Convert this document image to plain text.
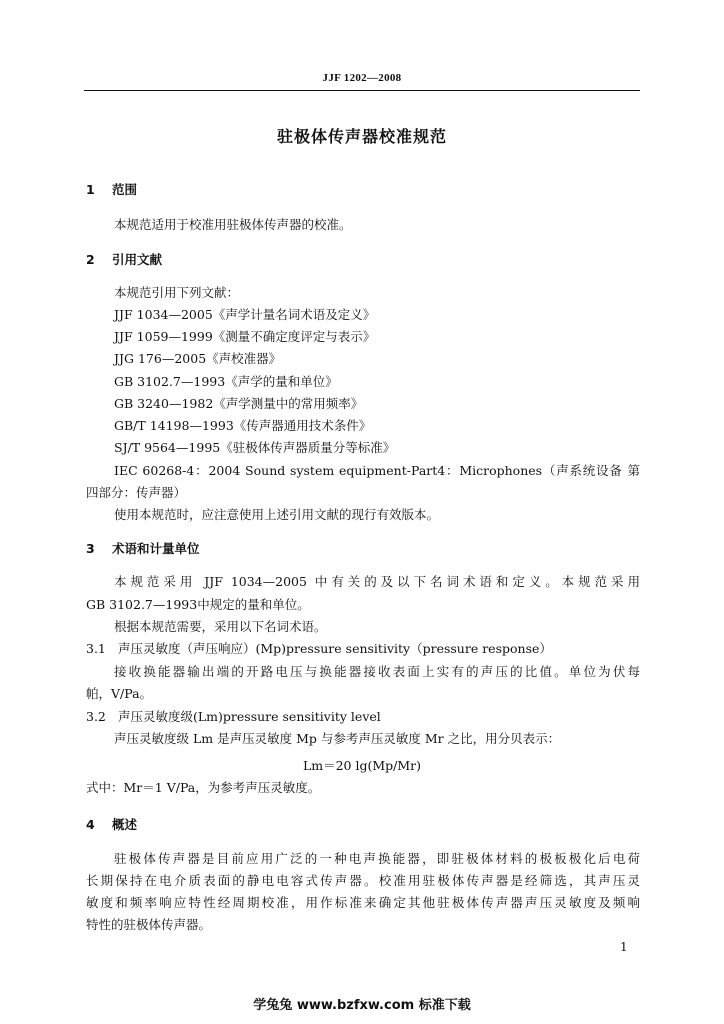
JJF 1202—2008
驻极体传声器校准规范
1 范围
本规范适用于校准用驻极体传声器的校准。
2 引用文献
本规范引用下列文献：
JJF 1034—2005《声学计量名词术语及定义》
JJF 1059—1999《测量不确定度评定与表示》
JJG 176—2005《声校准器》
GB 3102.7—1993《声学的量和单位》
GB 3240—1982《声学测量中的常用频率》
GB/T 14198—1993《传声器通用技术条件》
SJ/T 9564—1995《驻极体传声器质量分等标准》
IEC 60268-4：2004 Sound system equipment-Part4：Microphones（声系统设备 第
四部分：传声器）
使用本规范时，应注意使用上述引用文献的现行有效版本。
3 术语和计量单位
本规范采用 JJF 1034—2005 中有关的及以下名词术语和定义。本规范采用
GB 3102.7—1993中规定的量和单位。
根据本规范需要，采用以下名词术语。
3.1 声压灵敏度（声压响应）(Mp)pressure sensitivity（pressure response）
接收换能器输出端的开路电压与换能器接收表面上实有的声压的比值。单位为伏每
帕，V/Pa。
3.2 声压灵敏度级(Lm)pressure sensitivity level
声压灵敏度级 Lm 是声压灵敏度 Mp 与参考声压灵敏度 Mr 之比，用分贝表示：
Lm＝20 lg(Mp/Mr)
式中：Mr＝1 V/Pa，为参考声压灵敏度。
4 概述
驻极体传声器是目前应用广泛的一种电声换能器，即驻极体材料的极板极化后电荷
长期保持在电介质表面的静电电容式传声器。校准用驻极体传声器是经筛选，其声压灵
敏度和频率响应特性经周期校准，用作标准来确定其他驻极体传声器声压灵敏度及频响
特性的驻极体传声器。
1
学兔兔 www.bzfxw.com 标准下载
